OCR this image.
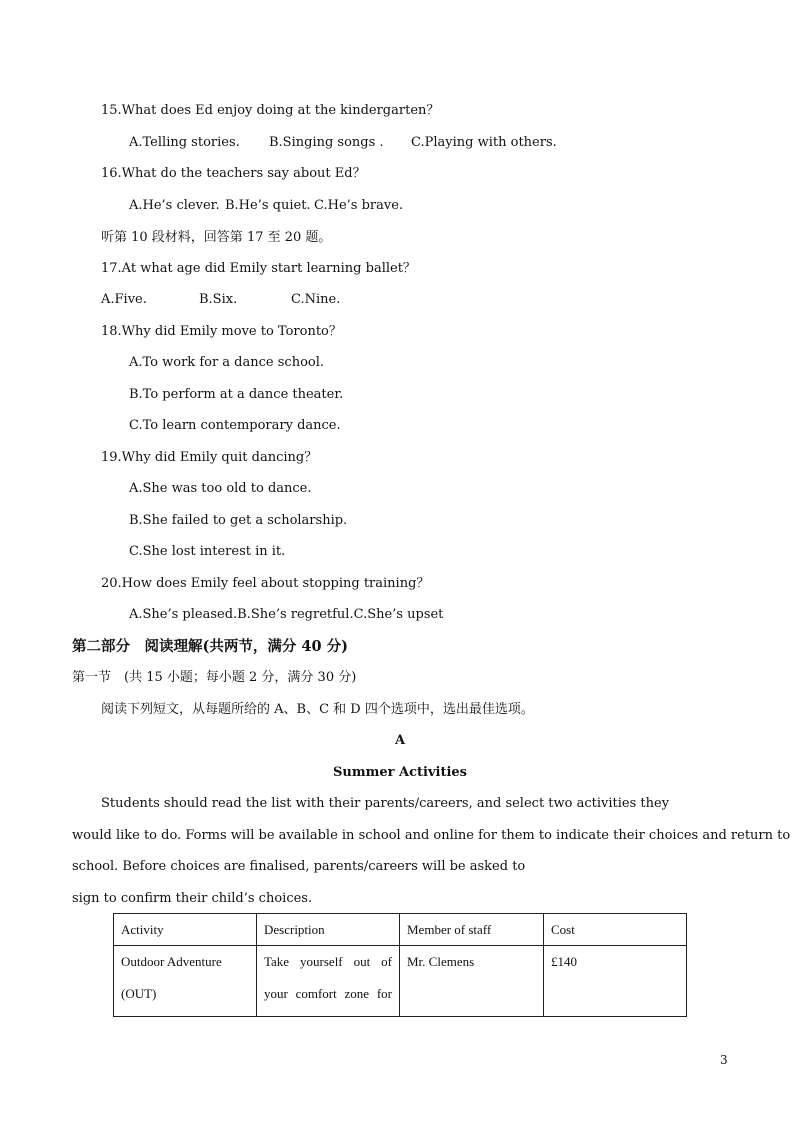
15.What does Ed enjoy doing at the kindergarten？
A.Telling stories. B.Singing songs . C.Playing with others.
16.What do the teachers say about Ed？
A.He’s clever. B.He’s quiet. C.He’s brave.
听第 10 段材料，回答第 17 至 20 题。
17.At what age did Emily start learning ballet？
A.Five.	B.Six.	C.Nine.
18.Why did Emily move to Toronto？
A.To work for a dance school.
B.To perform at a dance theater.
C.To learn contemporary dance.
19.Why did Emily quit dancing？
A.She was too old to dance.
B.She failed to get a scholarship.
C.She lost interest in it.
20.How does Emily feel about stopping training？
A.She’s pleased.B.She’s regretful.C.She’s upset
第二部分　阅读理解(共两节，满分 40 分)
第一节　(共 15 小题；每小题 2 分，满分 30 分)
阅读下列短文，从每题所给的 A、B、C 和 D 四个选项中，选出最佳选项。
A
Summer Activities
Students should read the list with their parents/careers, and select two activities they
would like to do. Forms will be available in school and online for them to indicate their choices and return to
school. Before choices are finalised, parents/careers will be asked to
sign to confirm their child’s choices.
Activity	Description	Member of staff	Cost
Outdoor Adventure (OUT)	Take yourself out of your comfort zone for	Mr. Clemens	£140
3
